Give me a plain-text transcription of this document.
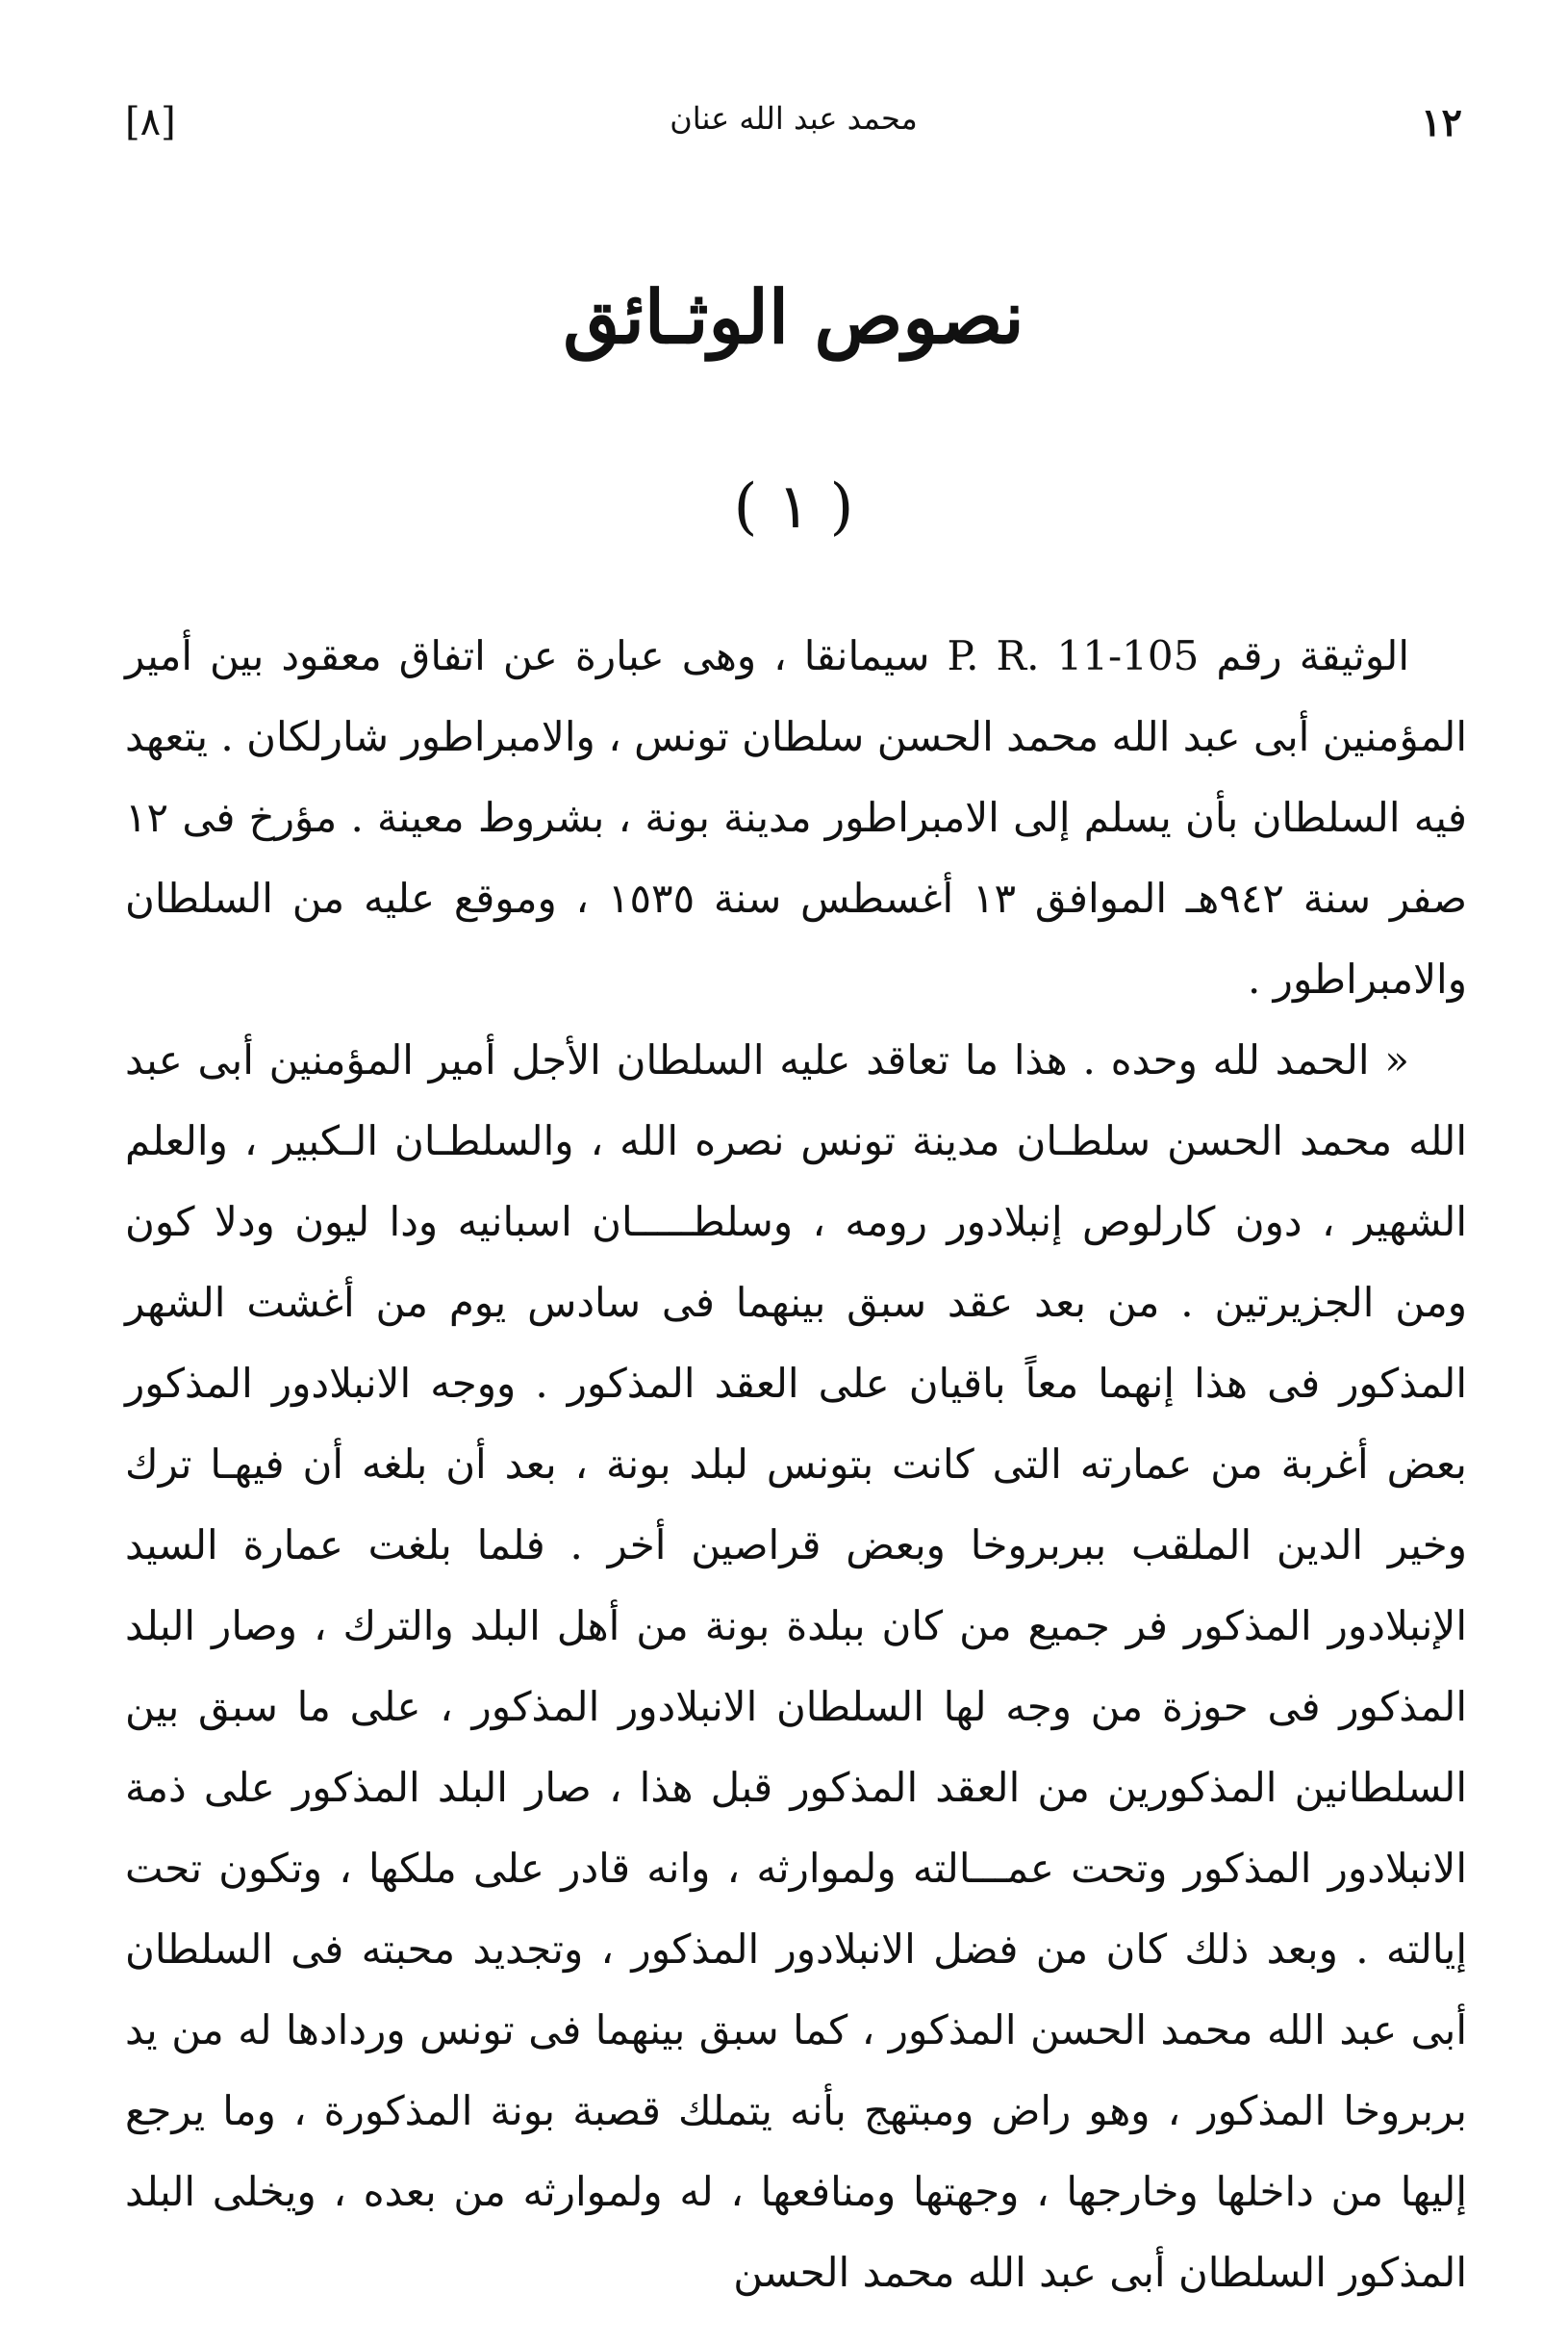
[٨]	محمد عبد الله عنان	١٢
نصوص الوثـائق
( ١ )

الوثيقة رقم P. R. 11-105 سيمانقا ، وهى عبارة عن اتفاق معقود بين أمير المؤمنين أبى عبد الله محمد الحسن سلطان تونس ، والامبراطور شارلكان . يتعهد فيه السلطان بأن يسلم إلى الامبراطور مدينة بونة ، بشروط معينة . مؤرخ فى ١٢ صفر سنة ٩٤٢هـ الموافق ١٣ أغسطس سنة ١٥٣٥ ، وموقع عليه من السلطان والامبراطور .

« الحمد لله وحده . هذا ما تعاقد عليه السلطان الأجل أمير المؤمنين أبى عبد الله محمد الحسن سلطـان مدينة تونس نصره الله ، والسلطـان الـكبير ، والعلم الشهير ، دون كارلوص إنبلادور رومه ، وسلطـــــان اسبانيه ودا ليون ودلا كون ومن الجزيرتين . من بعد عقد سبق بينهما فى سادس يوم من أغشت الشهر المذكور فى هذا إنهما معاً باقيان على العقد المذكور . ووجه الانبلادور المذكور بعض أغربة من عمارته التى كانت بتونس لبلد بونة ، بعد أن بلغه أن فيهـا ترك وخير الدين الملقب ببربروخا وبعض قراصين أخر . فلما بلغت عمارة السيد الإنبلادور المذكور فر جميع من كان ببلدة بونة من أهل البلد والترك ، وصار البلد المذكور فى حوزة من وجه لها السلطان الانبلادور المذكور ، على ما سبق بين السلطانين المذكورين من العقد المذكور قبل هذا ، صار البلد المذكور على ذمة الانبلادور المذكور وتحت عمـــالته ولموارثه ، وانه قادر على ملكها ، وتكون تحت إيالته . وبعد ذلك كان من فضل الانبلادور المذكور ، وتجديد محبته فى السلطان أبى عبد الله محمد الحسن المذكور ، كما سبق بينهما فى تونس وردادها له من يد بربروخا المذكور ، وهو راض ومبتهج بأنه يتملك قصبة بونة المذكورة ، وما يرجع إليها من داخلها وخارجها ، وجهتها ومنافعها ، له ولموارثه من بعده ، ويخلى البلد المذكور السلطان أبى عبد الله محمد الحسن
